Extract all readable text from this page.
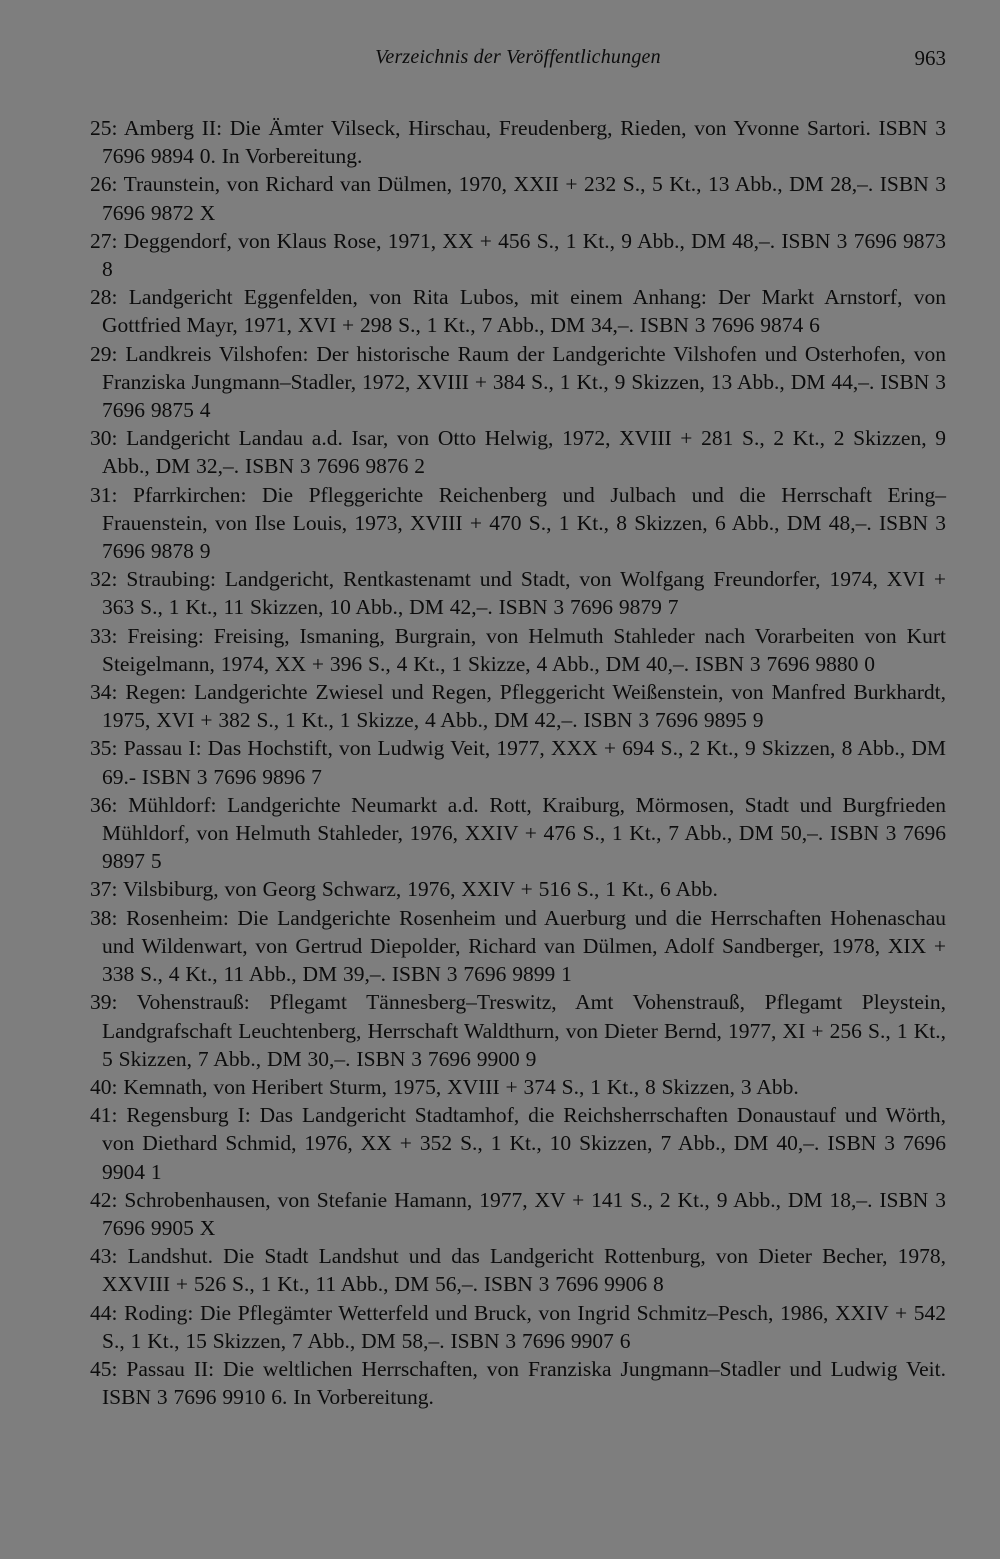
Verzeichnis der Veröffentlichungen	963
25: Amberg II: Die Ämter Vilseck, Hirschau, Freudenberg, Rieden, von Yvonne Sartori. ISBN 3 7696 9894 0. In Vorbereitung.
26: Traunstein, von Richard van Dülmen, 1970, XXII + 232 S., 5 Kt., 13 Abb., DM 28,–. ISBN 3 7696 9872 X
27: Deggendorf, von Klaus Rose, 1971, XX + 456 S., 1 Kt., 9 Abb., DM 48,–. ISBN 3 7696 9873 8
28: Landgericht Eggenfelden, von Rita Lubos, mit einem Anhang: Der Markt Arnstorf, von Gottfried Mayr, 1971, XVI + 298 S., 1 Kt., 7 Abb., DM 34,–. ISBN 3 7696 9874 6
29: Landkreis Vilshofen: Der historische Raum der Landgerichte Vilshofen und Osterhofen, von Franziska Jungmann–Stadler, 1972, XVIII + 384 S., 1 Kt., 9 Skizzen, 13 Abb., DM 44,–. ISBN 3 7696 9875 4
30: Landgericht Landau a.d. Isar, von Otto Helwig, 1972, XVIII + 281 S., 2 Kt., 2 Skizzen, 9 Abb., DM 32,–. ISBN 3 7696 9876 2
31: Pfarrkirchen: Die Pfleggerichte Reichenberg und Julbach und die Herrschaft Ering–Frauenstein, von Ilse Louis, 1973, XVIII + 470 S., 1 Kt., 8 Skizzen, 6 Abb., DM 48,–. ISBN 3 7696 9878 9
32: Straubing: Landgericht, Rentkastenamt und Stadt, von Wolfgang Freundorfer, 1974, XVI + 363 S., 1 Kt., 11 Skizzen, 10 Abb., DM 42,–. ISBN 3 7696 9879 7
33: Freising: Freising, Ismaning, Burgrain, von Helmuth Stahleder nach Vorarbeiten von Kurt Steigelmann, 1974, XX + 396 S., 4 Kt., 1 Skizze, 4 Abb., DM 40,–. ISBN 3 7696 9880 0
34: Regen: Landgerichte Zwiesel und Regen, Pfleggericht Weißenstein, von Manfred Burkhardt, 1975, XVI + 382 S., 1 Kt., 1 Skizze, 4 Abb., DM 42,–. ISBN 3 7696 9895 9
35: Passau I: Das Hochstift, von Ludwig Veit, 1977, XXX + 694 S., 2 Kt., 9 Skizzen, 8 Abb., DM 69.- ISBN 3 7696 9896 7
36: Mühldorf: Landgerichte Neumarkt a.d. Rott, Kraiburg, Mörmosen, Stadt und Burgfrieden Mühldorf, von Helmuth Stahleder, 1976, XXIV + 476 S., 1 Kt., 7 Abb., DM 50,–. ISBN 3 7696 9897 5
37: Vilsbiburg, von Georg Schwarz, 1976, XXIV + 516 S., 1 Kt., 6 Abb.
38: Rosenheim: Die Landgerichte Rosenheim und Auerburg und die Herrschaften Hohenaschau und Wildenwart, von Gertrud Diepolder, Richard van Dülmen, Adolf Sandberger, 1978, XIX + 338 S., 4 Kt., 11 Abb., DM 39,–. ISBN 3 7696 9899 1
39: Vohenstrauß: Pflegamt Tännesberg–Treswitz, Amt Vohenstrauß, Pflegamt Pleystein, Landgrafschaft Leuchtenberg, Herrschaft Waldthurn, von Dieter Bernd, 1977, XI + 256 S., 1 Kt., 5 Skizzen, 7 Abb., DM 30,–. ISBN 3 7696 9900 9
40: Kemnath, von Heribert Sturm, 1975, XVIII + 374 S., 1 Kt., 8 Skizzen, 3 Abb.
41: Regensburg I: Das Landgericht Stadtamhof, die Reichsherrschaften Donaustauf und Wörth, von Diethard Schmid, 1976, XX + 352 S., 1 Kt., 10 Skizzen, 7 Abb., DM 40,–. ISBN 3 7696 9904 1
42: Schrobenhausen, von Stefanie Hamann, 1977, XV + 141 S., 2 Kt., 9 Abb., DM 18,–. ISBN 3 7696 9905 X
43: Landshut. Die Stadt Landshut und das Landgericht Rottenburg, von Dieter Becher, 1978, XXVIII + 526 S., 1 Kt., 11 Abb., DM 56,–. ISBN 3 7696 9906 8
44: Roding: Die Pflegämter Wetterfeld und Bruck, von Ingrid Schmitz–Pesch, 1986, XXIV + 542 S., 1 Kt., 15 Skizzen, 7 Abb., DM 58,–. ISBN 3 7696 9907 6
45: Passau II: Die weltlichen Herrschaften, von Franziska Jungmann–Stadler und Ludwig Veit. ISBN 3 7696 9910 6. In Vorbereitung.
